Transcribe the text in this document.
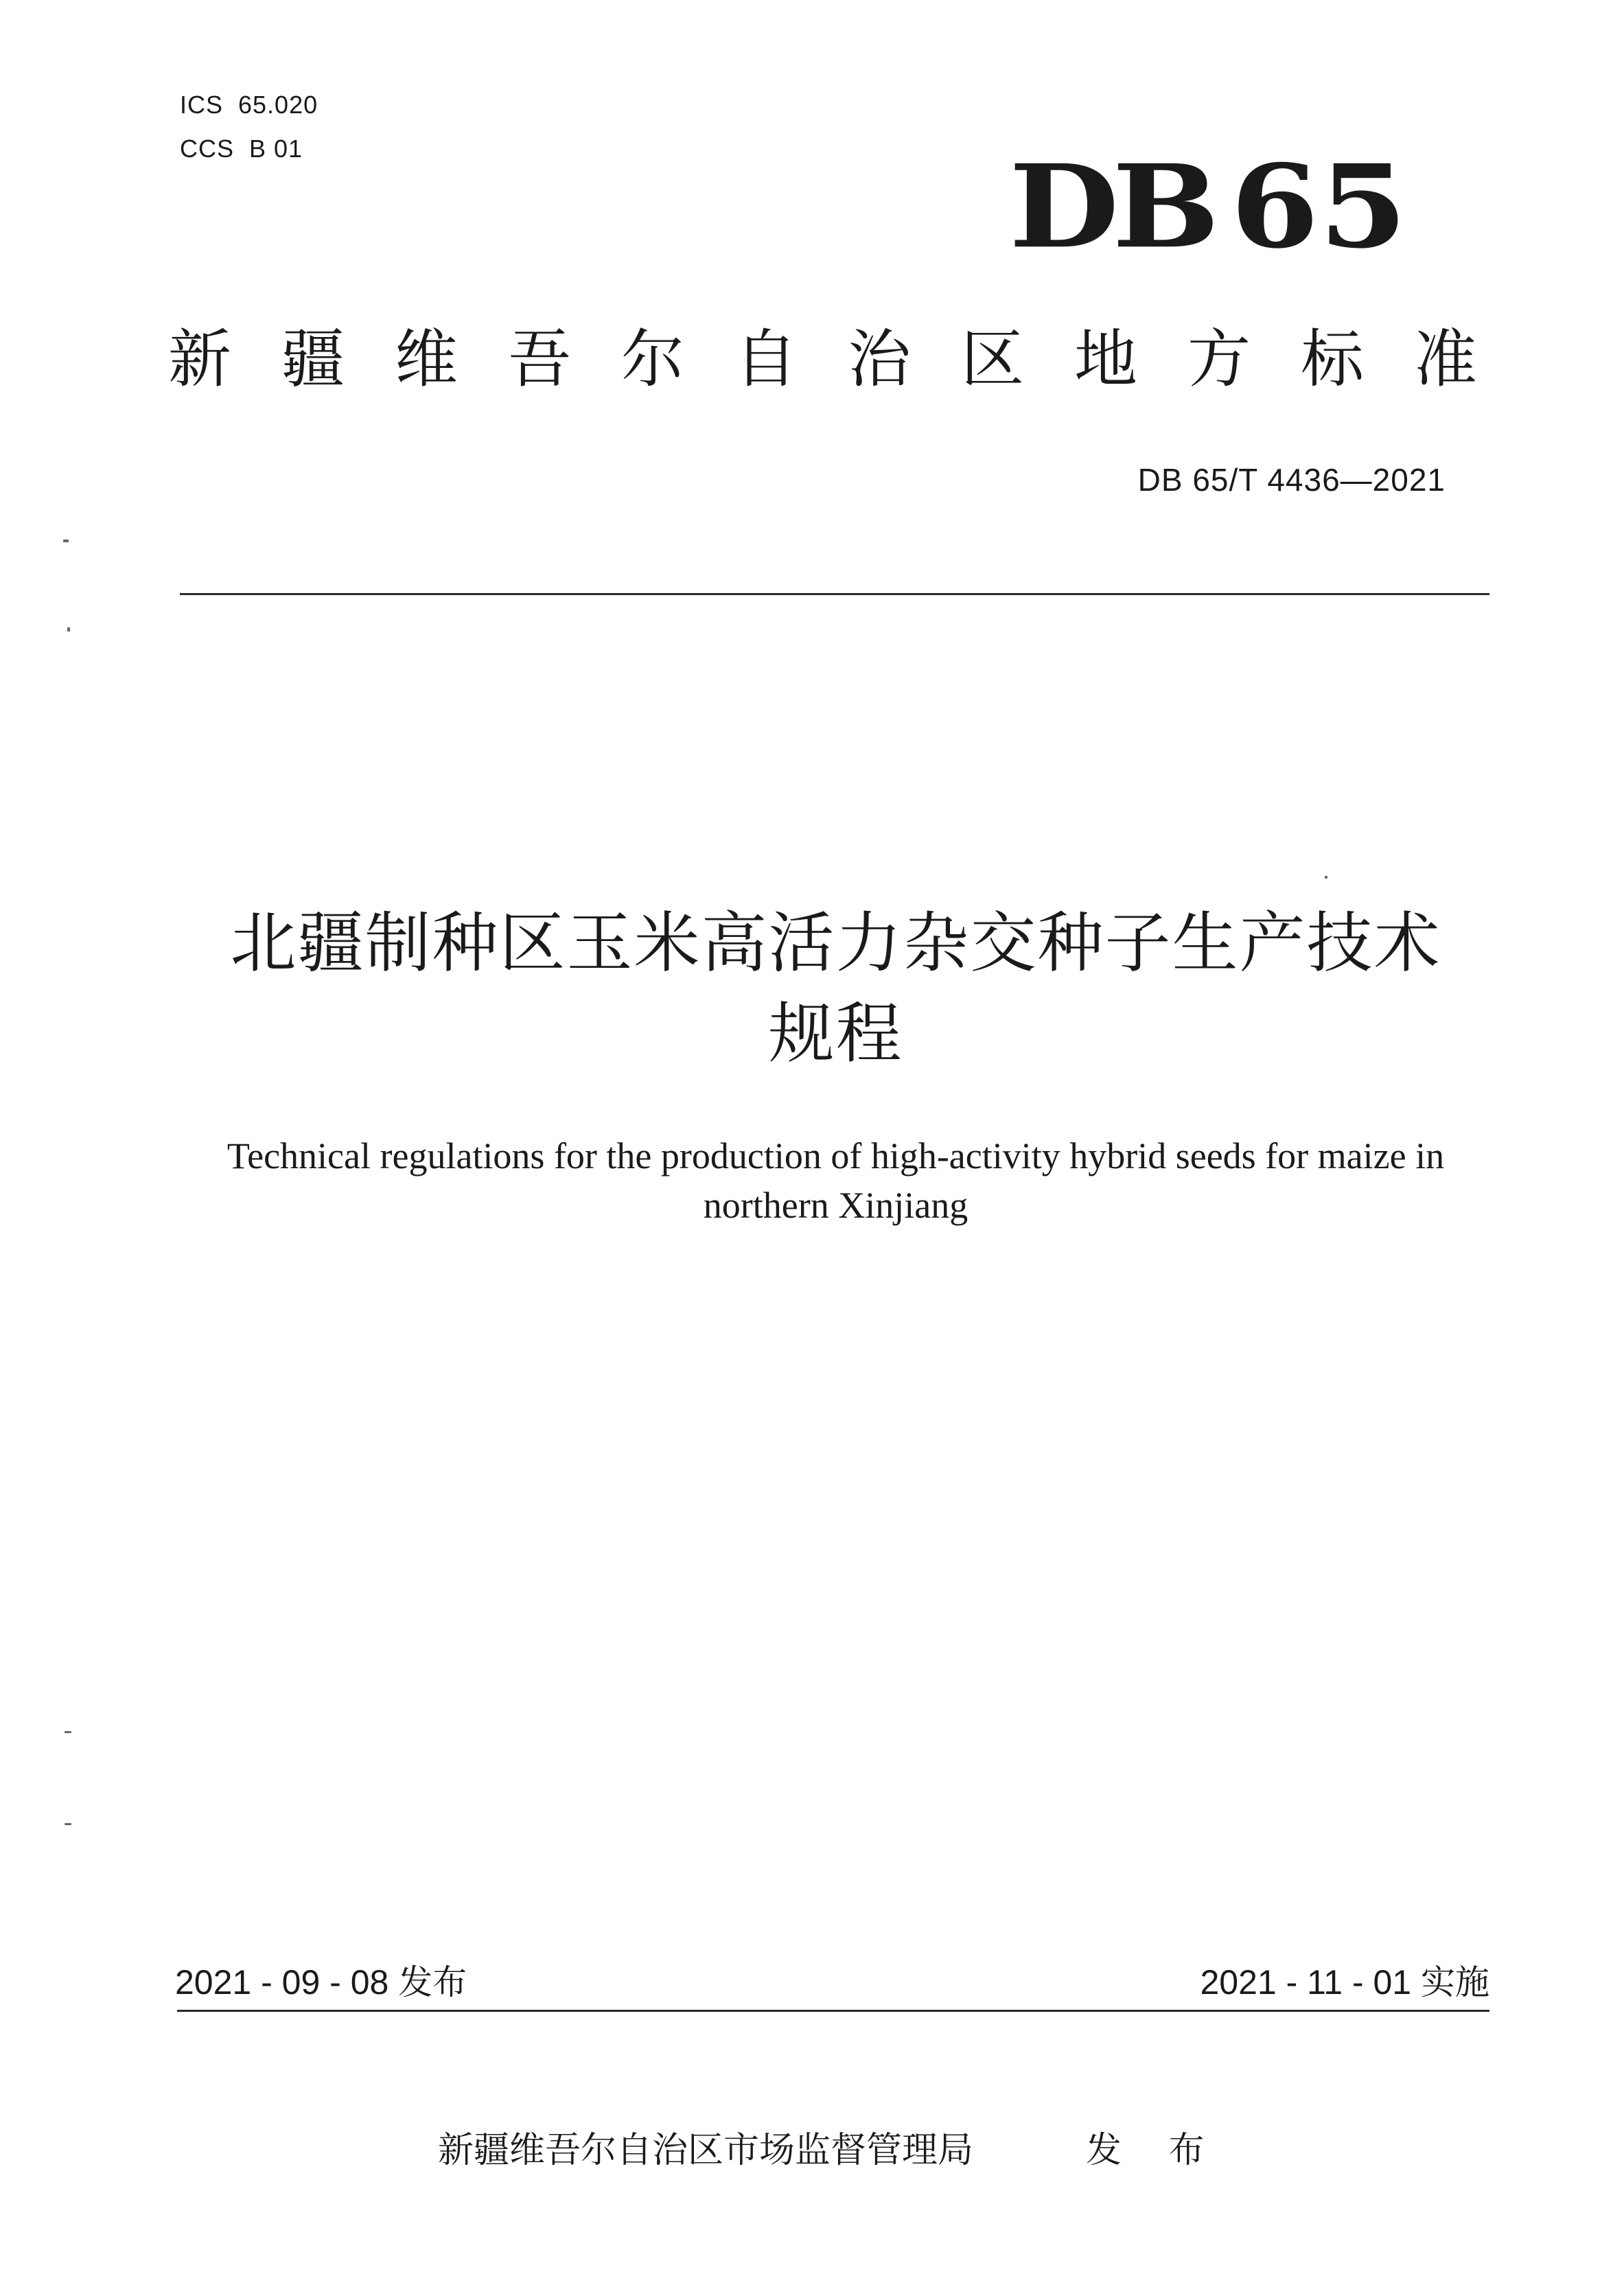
ICS 65.020
CCS B 01	DB 65
新疆维吾尔自治区地方标准
DB 65/T 4436—2021
北疆制种区玉米高活力杂交种子生产技术
规程
Technical regulations for the production of high-activity hybrid seeds for maize in
northern Xinjiang
2021 - 09 - 08 发布	2021 - 11 - 01 实施
新疆维吾尔自治区市场监督管理局	发 布
